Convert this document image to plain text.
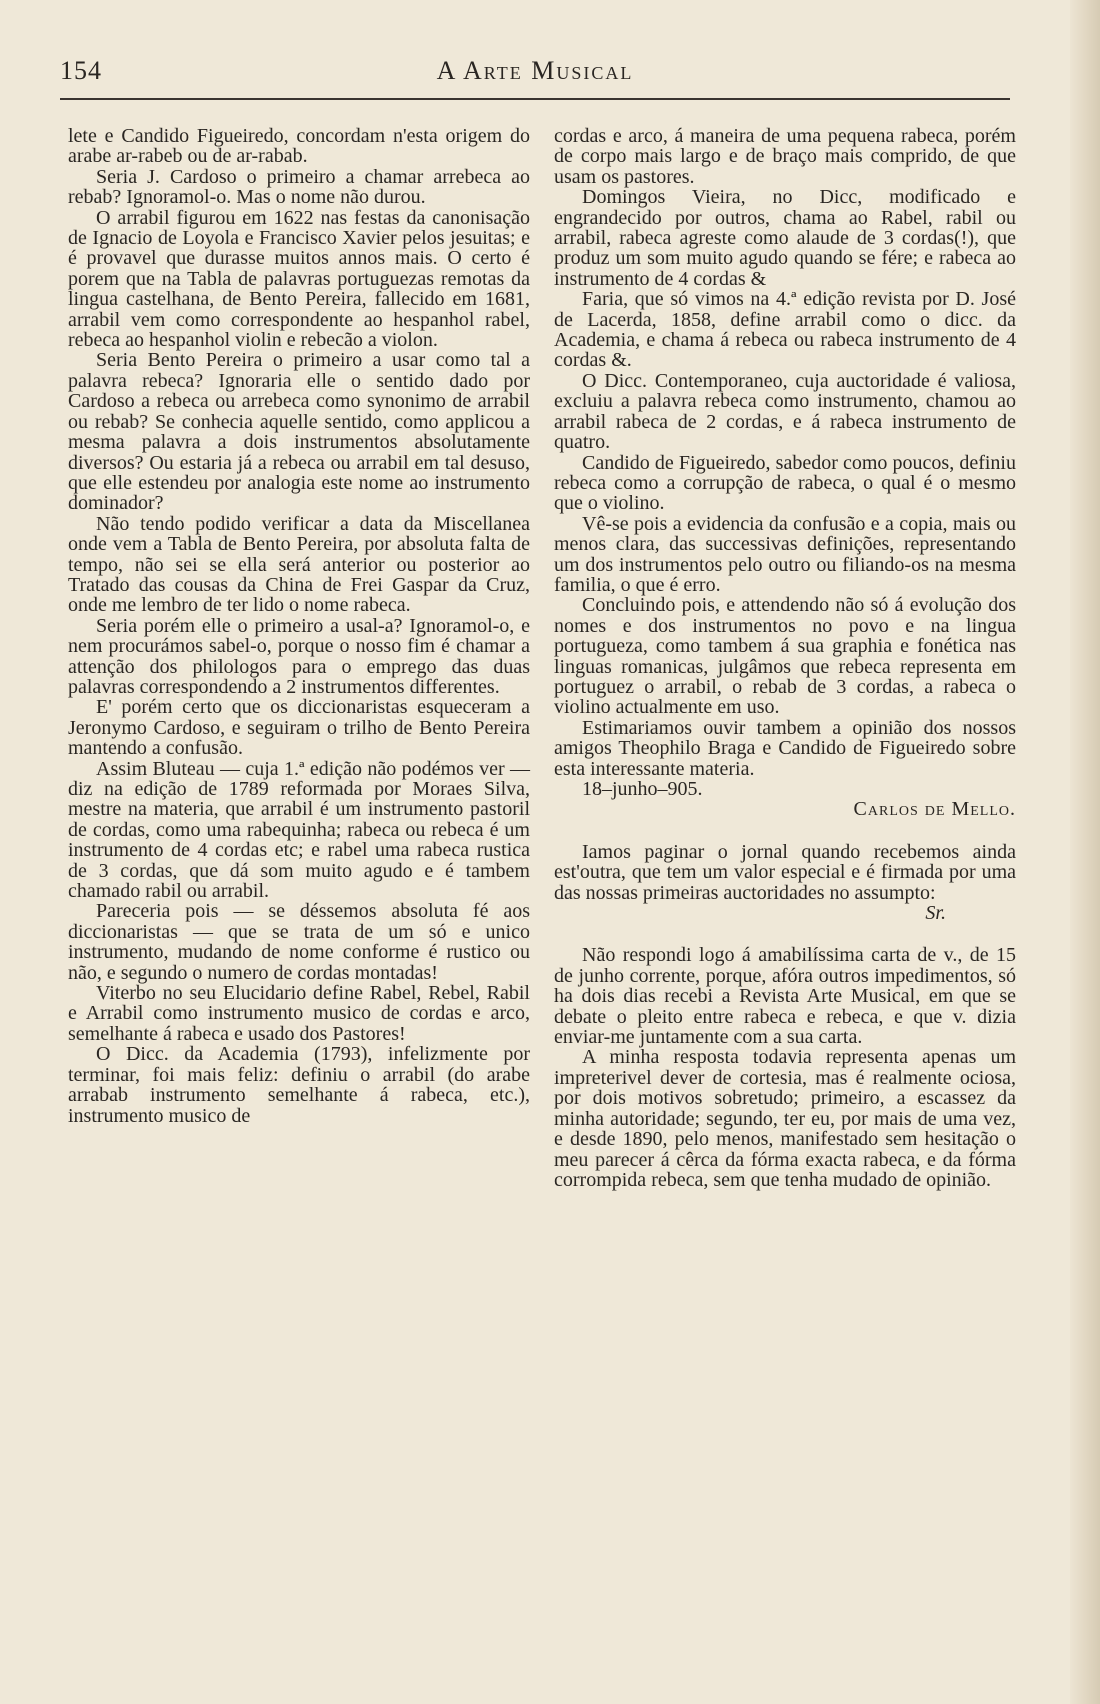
154	A Arte Musical

lete e Candido Figueiredo, concordam n'esta origem do arabe ar-rabeb ou de ar-rabab.

Seria J. Cardoso o primeiro a chamar arrebeca ao rebab? Ignoramol-o. Mas o nome não durou.

O arrabil figurou em 1622 nas festas da canonisação de Ignacio de Loyola e Francisco Xavier pelos jesuitas; e é provavel que durasse muitos annos mais. O certo é porem que na Tabla de palavras portuguezas remotas da lingua castelhana, de Bento Pereira, fallecido em 1681, arrabil vem como correspondente ao hespanhol rabel, rebeca ao hespanhol violin e rebecão a violon.

Seria Bento Pereira o primeiro a usar como tal a palavra rebeca? Ignoraria elle o sentido dado por Cardoso a rebeca ou arrebeca como synonimo de arrabil ou rebab? Se conhecia aquelle sentido, como applicou a mesma palavra a dois instrumentos absolutamente diversos? Ou estaria já a rebeca ou arrabil em tal desuso, que elle estendeu por analogia este nome ao instrumento dominador?

Não tendo podido verificar a data da Miscellanea onde vem a Tabla de Bento Pereira, por absoluta falta de tempo, não sei se ella será anterior ou posterior ao Tratado das cousas da China de Frei Gaspar da Cruz, onde me lembro de ter lido o nome rabeca.

Seria porém elle o primeiro a usal-a? Ignoramol-o, e nem procurámos sabel-o, porque o nosso fim é chamar a attenção dos philologos para o emprego das duas palavras correspondendo a 2 instrumentos differentes.

E' porém certo que os diccionaristas esqueceram a Jeronymo Cardoso, e seguiram o trilho de Bento Pereira mantendo a confusão.

Assim Bluteau — cuja 1.ª edição não podémos ver — diz na edição de 1789 reformada por Moraes Silva, mestre na materia, que arrabil é um instrumento pastoril de cordas, como uma rabequinha; rabeca ou rebeca é um instrumento de 4 cordas etc; e rabel uma rabeca rustica de 3 cordas, que dá som muito agudo e é tambem chamado rabil ou arrabil.

Pareceria pois — se déssemos absoluta fé aos diccionaristas — que se trata de um só e unico instrumento, mudando de nome conforme é rustico ou não, e segundo o numero de cordas montadas!

Viterbo no seu Elucidario define Rabel, Rebel, Rabil e Arrabil como instrumento musico de cordas e arco, semelhante á rabeca e usado dos Pastores!

O Dicc. da Academia (1793), infelizmente por terminar, foi mais feliz: definiu o arrabil (do arabe arrabab instrumento semelhante á rabeca, etc.), instrumento musico de

cordas e arco, á maneira de uma pequena rabeca, porém de corpo mais largo e de braço mais comprido, de que usam os pastores.

Domingos Vieira, no Dicc, modificado e engrandecido por outros, chama ao Rabel, rabil ou arrabil, rabeca agreste como alaude de 3 cordas(!), que produz um som muito agudo quando se fére; e rabeca ao instrumento de 4 cordas &

Faria, que só vimos na 4.ª edição revista por D. José de Lacerda, 1858, define arrabil como o dicc. da Academia, e chama á rebeca ou rabeca instrumento de 4 cordas &.

O Dicc. Contemporaneo, cuja auctoridade é valiosa, excluiu a palavra rebeca como instrumento, chamou ao arrabil rabeca de 2 cordas, e á rabeca instrumento de quatro.

Candido de Figueiredo, sabedor como poucos, definiu rebeca como a corrupção de rabeca, o qual é o mesmo que o violino.

Vê-se pois a evidencia da confusão e a copia, mais ou menos clara, das successivas definições, representando um dos instrumentos pelo outro ou filiando-os na mesma familia, o que é erro.

Concluindo pois, e attendendo não só á evolução dos nomes e dos instrumentos no povo e na lingua portugueza, como tambem á sua graphia e fonética nas linguas romanicas, julgâmos que rebeca representa em portuguez o arrabil, o rebab de 3 cordas, a rabeca o violino actualmente em uso.

Estimariamos ouvir tambem a opinião dos nossos amigos Theophilo Braga e Candido de Figueiredo sobre esta interessante materia.

18–junho–905.

Carlos de Mello.

Iamos paginar o jornal quando recebemos ainda est'outra, que tem um valor especial e é firmada por uma das nossas primeiras auctoridades no assumpto:

Sr.

Não respondi logo á amabilíssima carta de v., de 15 de junho corrente, porque, afóra outros impedimentos, só ha dois dias recebi a Revista Arte Musical, em que se debate o pleito entre rabeca e rebeca, e que v. dizia enviar-me juntamente com a sua carta.

A minha resposta todavia representa apenas um impreterivel dever de cortesia, mas é realmente ociosa, por dois motivos sobretudo; primeiro, a escassez da minha autoridade; segundo, ter eu, por mais de uma vez, e desde 1890, pelo menos, manifestado sem hesitação o meu parecer á cêrca da fórma exacta rabeca, e da fórma corrompida rebeca, sem que tenha mudado de opinião.
